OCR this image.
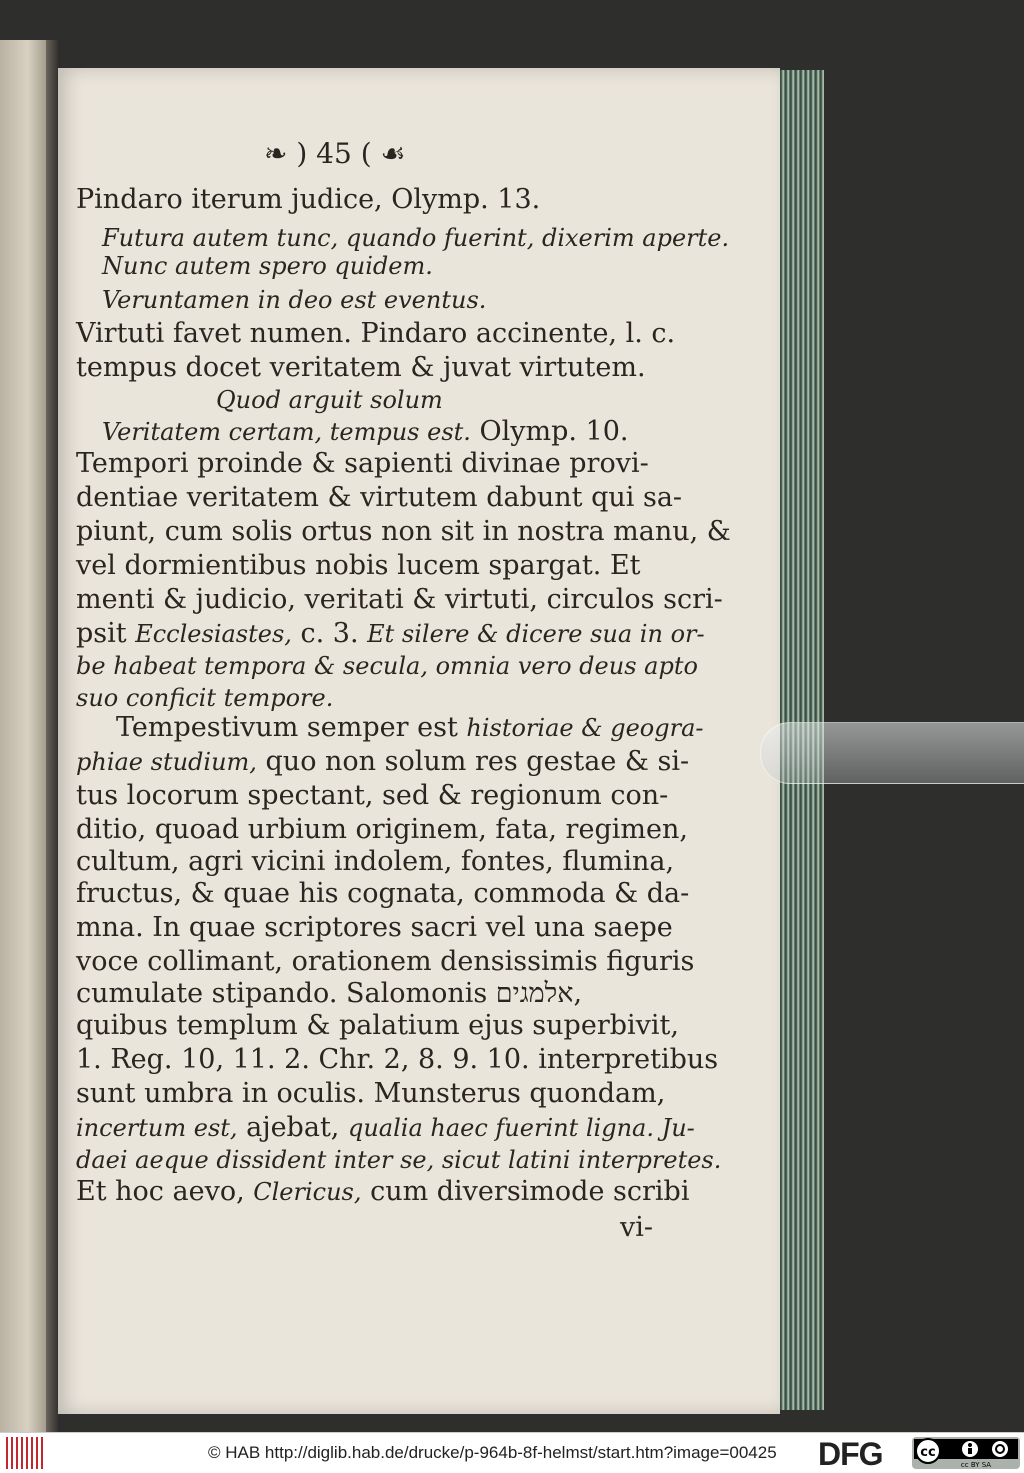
❧ ) 45 ( ☙
Pindaro iterum judice, Olymp. 13.
Futura autem tunc, quando fuerint, dixerim aperte.
Nunc autem spero quidem.
Veruntamen in deo est eventus.
Virtuti favet numen. Pindaro accinente, l. c.
tempus docet veritatem & juvat virtutem.
Quod arguit solum
Veritatem certam, tempus est. Olymp. 10.
Tempori proinde & sapienti divinae provi-
dentiae veritatem & virtutem dabunt qui sa-
piunt, cum solis ortus non sit in nostra manu, &
vel dormientibus nobis lucem spargat. Et
menti & judicio, veritati & virtuti, circulos scri-
psit Ecclesiastes, c. 3. Et silere & dicere sua in or-
be habeat tempora & secula, omnia vero deus apto
suo conficit tempore.
Tempestivum semper est historiae & geogra-
phiae studium, quo non solum res gestae & si-
tus locorum spectant, sed & regionum con-
ditio, quoad urbium originem, fata, regimen,
cultum, agri vicini indolem, fontes, flumina,
fructus, & quae his cognata, commoda & da-
mna. In quae scriptores sacri vel una saepe
voce collimant, orationem densissimis figuris
cumulate stipando. Salomonis אלמגים,
quibus templum & palatium ejus superbivit,
1. Reg. 10, 11. 2. Chr. 2, 8. 9. 10. interpretibus
sunt umbra in oculis. Munsterus quondam,
incertum est, ajebat, qualia haec fuerint ligna. Ju-
daei aeque dissident inter se, sicut latini interpretes.
Et hoc aevo, Clericus, cum diversimode scribi
vi-
© HAB http://diglib.hab.de/drucke/p-964b-8f-helmst/start.htm?image=00425 DFG	cc
cc BY SA
